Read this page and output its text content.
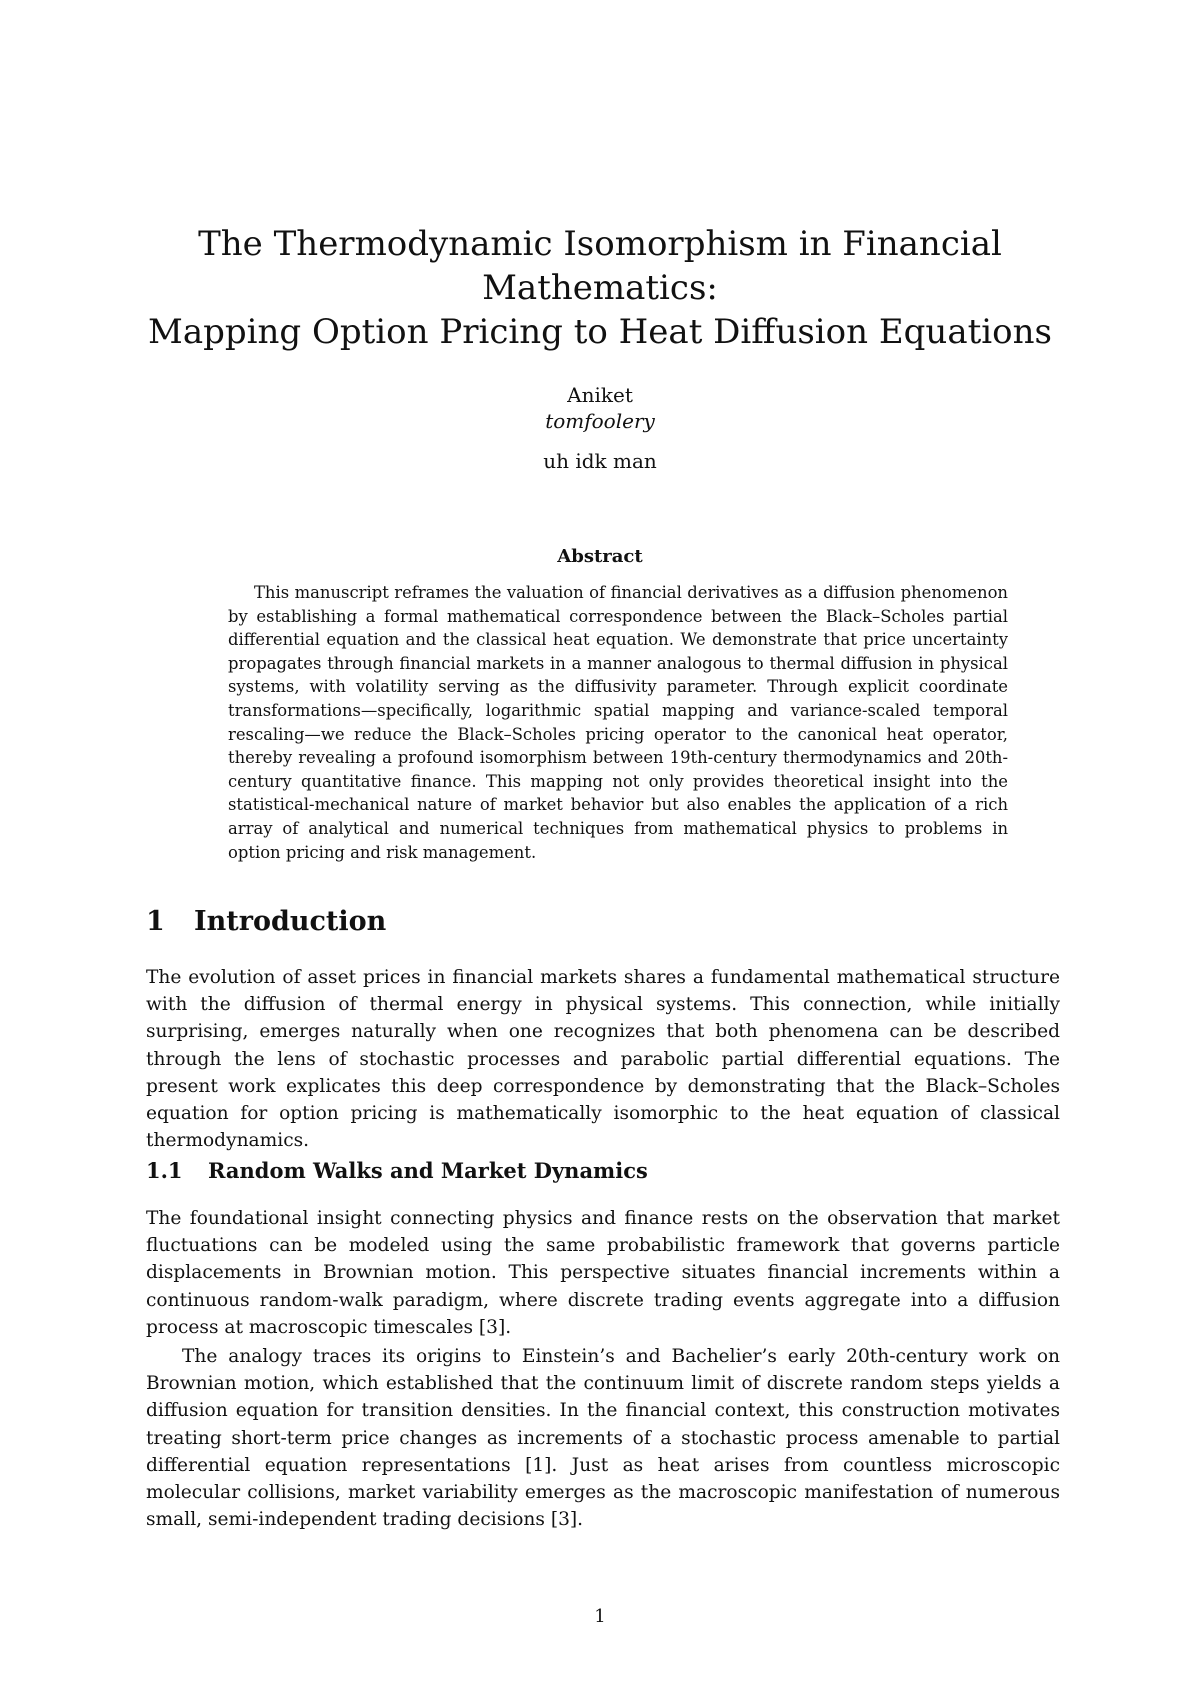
The Thermodynamic Isomorphism in Financial

Mathematics:

Mapping Option Pricing to Heat Diffusion Equations

Aniket
tomfoolery
uh idk man
Abstract

This manuscript reframes the valuation of financial derivatives as a diffusion phenomenon by establishing a formal mathematical correspondence between the Black–Scholes partial differential equation and the classical heat equation. We demonstrate that price uncertainty propagates through financial markets in a manner analogous to thermal diffusion in physical systems, with volatility serving as the diffusivity parameter. Through explicit coordinate transformations—specifically, logarithmic spatial mapping and variance-scaled temporal rescaling—we reduce the Black–Scholes pricing operator to the canonical heat operator, thereby revealing a profound isomorphism between 19th-century thermodynamics and 20th-century quantitative finance. This mapping not only provides theoretical insight into the statistical-mechanical nature of market behavior but also enables the application of a rich array of analytical and numerical techniques from mathematical physics to problems in option pricing and risk management.

1 Introduction

The evolution of asset prices in financial markets shares a fundamental mathematical structure with the diffusion of thermal energy in physical systems. This connection, while initially surprising, emerges naturally when one recognizes that both phenomena can be described through the lens of stochastic processes and parabolic partial differential equations. The present work explicates this deep correspondence by demonstrating that the Black–Scholes equation for option pricing is mathematically isomorphic to the heat equation of classical thermodynamics.

1.1 Random Walks and Market Dynamics

The foundational insight connecting physics and finance rests on the observation that market fluctuations can be modeled using the same probabilistic framework that governs particle displacements in Brownian motion. This perspective situates financial increments within a continuous random-walk paradigm, where discrete trading events aggregate into a diffusion process at macroscopic timescales [3].

The analogy traces its origins to Einstein’s and Bachelier’s early 20th-century work on Brownian motion, which established that the continuum limit of discrete random steps yields a diffusion equation for transition densities. In the financial context, this construction motivates treating short-term price changes as increments of a stochastic process amenable to partial differential equation representations [1]. Just as heat arises from countless microscopic molecular collisions, market variability emerges as the macroscopic manifestation of numerous small, semi-independent trading decisions [3].

1
